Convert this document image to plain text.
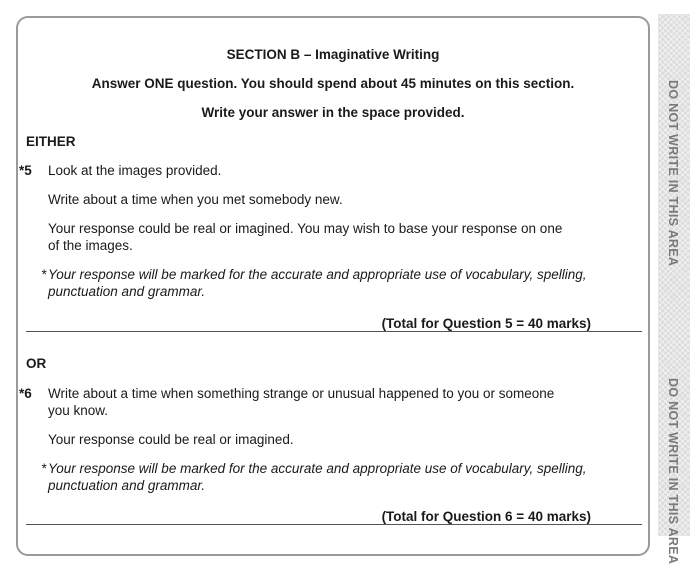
DO NOT WRITE IN THIS AREA
DO NOT WRITE IN THIS AREA
SECTION B – Imaginative Writing
Answer ONE question. You should spend about 45 minutes on this section.
Write your answer in the space provided.
EITHER
*5 Look at the images provided.
Write about a time when you met somebody new.
Your response could be real or imagined. You may wish to base your response on one
of the images.
* Your response will be marked for the accurate and appropriate use of vocabulary, spelling,
punctuation and grammar.
(Total for Question 5 = 40 marks)
OR
*6 Write about a time when something strange or unusual happened to you or someone
you know.
Your response could be real or imagined.
* Your response will be marked for the accurate and appropriate use of vocabulary, spelling,
punctuation and grammar.
(Total for Question 6 = 40 marks)
